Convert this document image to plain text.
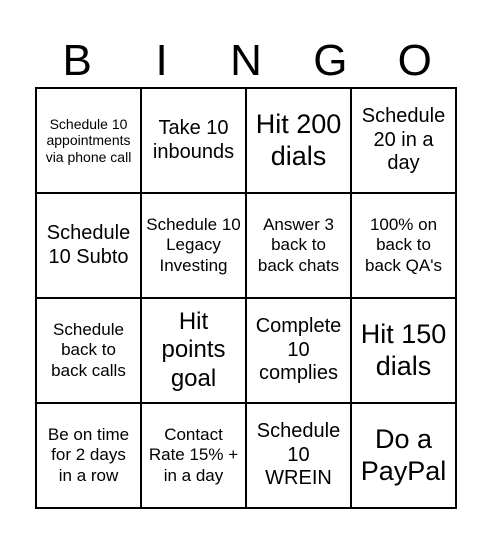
B	I	N	G	O
Schedule 10 appointments via phone call
Take 10 inbounds
Hit 200 dials
Schedule 20 in a day
Schedule 10 Subto
Schedule 10 Legacy Investing
Answer 3 back to back chats
100% on back to back QA's
Schedule back to back calls
Hit points goal
Complete 10 complies
Hit 150 dials
Be on time for 2 days in a row
Contact Rate 15% + in a day
Schedule 10 WREIN
Do a PayPal
